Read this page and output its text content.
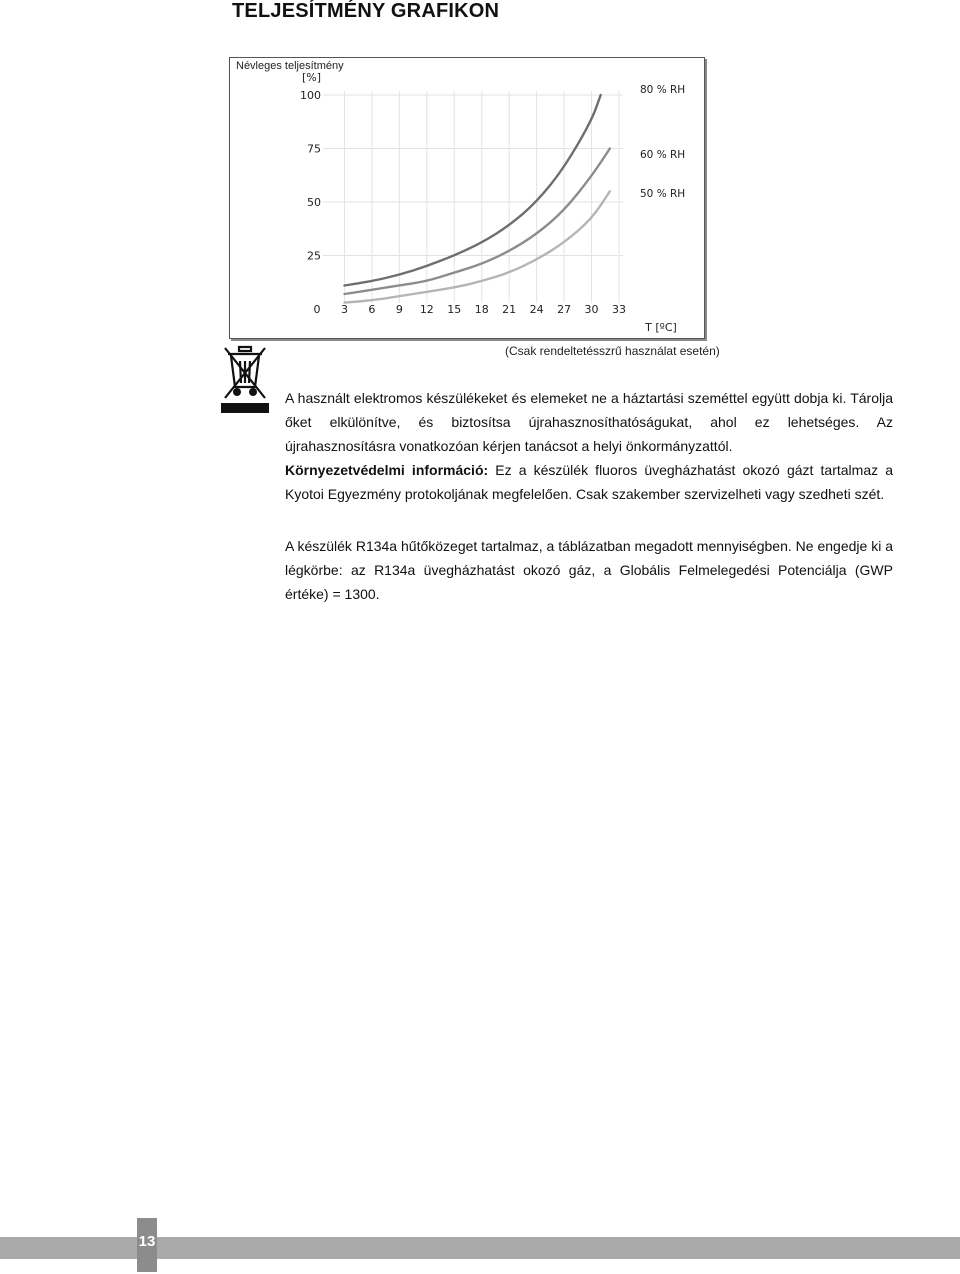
TELJESÍTMÉNY GRAFIKON
Névleges teljesítmény
100
75
50
25
[%]
0 3 6 9 12 15 18 21 24 27 30 33
T [ºC]
80 % RH
60 % RH
50 % RH
(Csak rendeltetésszrű használat esetén)
A használt elektromos készülékeket és elemeket ne a háztartási szeméttel együtt dobja ki. Tárolja őket elkülönítve, és biztosítsa újrahasznosíthatóságukat, ahol ez lehetséges. Az újrahasznosításra vonatkozóan kérjen tanácsot a helyi önkormányzattól.
Környezetvédelmi információ: Ez a készülék fluoros üvegházhatást okozó gázt tartalmaz a Kyotoi Egyezmény protokoljának megfelelően. Csak szakember szervizelheti vagy szedheti szét.
A készülék R134a hűtőközeget tartalmaz, a táblázatban megadott mennyiségben. Ne engedje ki a légkörbe: az R134a üvegházhatást okozó gáz, a Globális Felmelegedési Potenciálja (GWP értéke) = 1300.
13
